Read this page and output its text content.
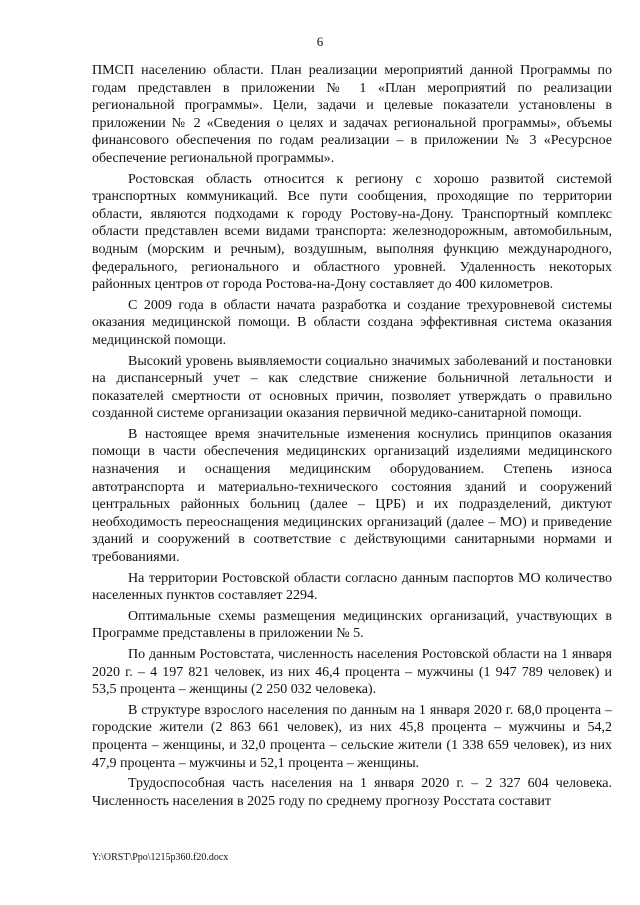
6

ПМСП населению области. План реализации мероприятий данной Программы по годам представлен в приложении № 1 «План мероприятий по реализации региональной программы». Цели, задачи и целевые показатели установлены в приложении № 2 «Сведения о целях и задачах региональной программы», объемы финансового обеспечения по годам реализации – в приложении № 3 «Ресурсное обеспечение региональной программы».

Ростовская область относится к региону с хорошо развитой системой транспортных коммуникаций. Все пути сообщения, проходящие по территории области, являются подходами к городу Ростову-на-Дону. Транспортный комплекс области представлен всеми видами транспорта: железнодорожным, автомобильным, водным (морским и речным), воздушным, выполняя функцию международного, федерального, регионального и областного уровней. Удаленность некоторых районных центров от города Ростова-на-Дону составляет до 400 километров.

С 2009 года в области начата разработка и создание трехуровневой системы оказания медицинской помощи. В области создана эффективная система оказания медицинской помощи.

Высокий уровень выявляемости социально значимых заболеваний и постановки на диспансерный учет – как следствие снижение больничной летальности и показателей смертности от основных причин, позволяет утверждать о правильно созданной системе организации оказания первичной медико-санитарной помощи.

В настоящее время значительные изменения коснулись принципов оказания помощи в части обеспечения медицинских организаций изделиями медицинского назначения и оснащения медицинским оборудованием. Степень износа автотранспорта и материально-технического состояния зданий и сооружений центральных районных больниц (далее – ЦРБ) и их подразделений, диктуют необходимость переоснащения медицинских организаций (далее – МО) и приведение зданий и сооружений в соответствие с действующими санитарными нормами и требованиями.

На территории Ростовской области согласно данным паспортов МО количество населенных пунктов составляет 2294.

Оптимальные схемы размещения медицинских организаций, участвующих в Программе представлены в приложении № 5.

По данным Ростовстата, численность населения Ростовской области на 1 января 2020 г. – 4 197 821 человек, из них 46,4 процента – мужчины (1 947 789 человек) и 53,5 процента – женщины (2 250 032 человека).

В структуре взрослого населения по данным на 1 января 2020 г. 68,0 процента – городские жители (2 863 661 человек), из них 45,8 процента – мужчины и 54,2 процента – женщины, и 32,0 процента – сельские жители (1 338 659 человек), из них 47,9 процента – мужчины и 52,1 процента – женщины.

Трудоспособная часть населения на 1 января 2020 г. – 2 327 604 человека. Численность населения в 2025 году по среднему прогнозу Росстата составит

Y:\ORST\Ppo\1215p360.f20.docx
